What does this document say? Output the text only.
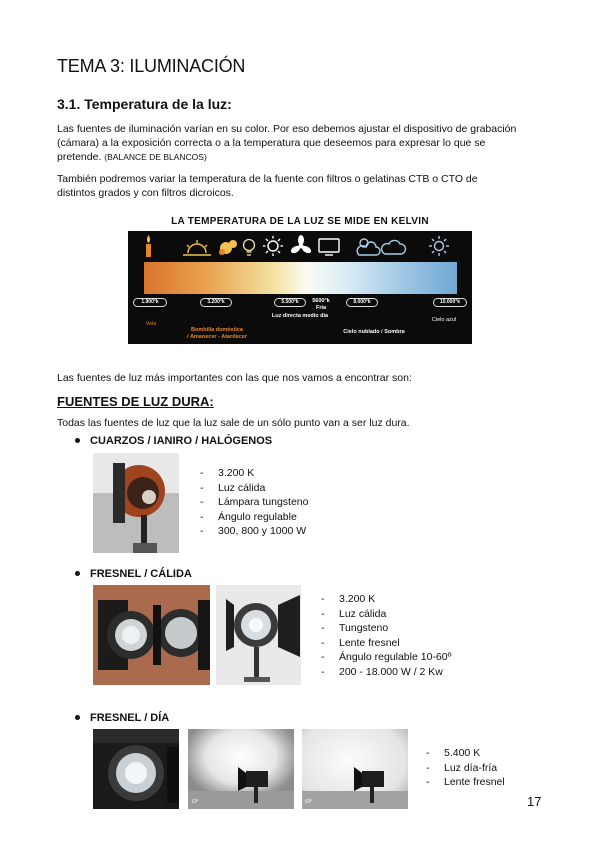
TEMA 3: ILUMINACIÓN
3.1. Temperatura de la luz:

Las fuentes de iluminación varían en su color. Por eso debemos ajustar el dispositivo de grabación
(cámara) a la exposición correcta o a la temperatura que deseemos para expresar lo que se
pretende. (BALANCE DE BLANCOS)

También podremos variar la temperatura de la fuente con filtros o gelatinas CTB o CTO de
distintos grados y con filtros dicroicos.

LA TEMPERATURA DE LA LUZ SE MIDE EN KELVIN
1.900°k	3.200°k	5.500°k	5600°k	8.000°k	10.000°k
Vela
Bombilla doméstica
/ Amanecer - Atardecer
Fría
Luz directa medio día
Cielo nublado / Sombra
Cielo azul

Las fuentes de luz más importantes con las que nos vamos a encontrar son:

FUENTES DE LUZ DURA:

Todas las fuentes de luz que la luz sale de un sólo punto van a ser luz dura.

CUARZOS / IANIRO / HALÓGENOS
- 3.200 K
- Luz cálida
- Lámpara tungsteno
- Ángulo regulable
- 300, 800 y 1000 W
FRESNEL / CÁLIDA
- 3.200 K
- Luz cálida
- Tungsteno
- Lente fresnel
- Ángulo regulable 10-60º
- 200 - 18.000 W / 2 Kw
FRESNEL / DÍA
10°	60°
- 5.400 K
- Luz día-fría
- Lente fresnel
17
